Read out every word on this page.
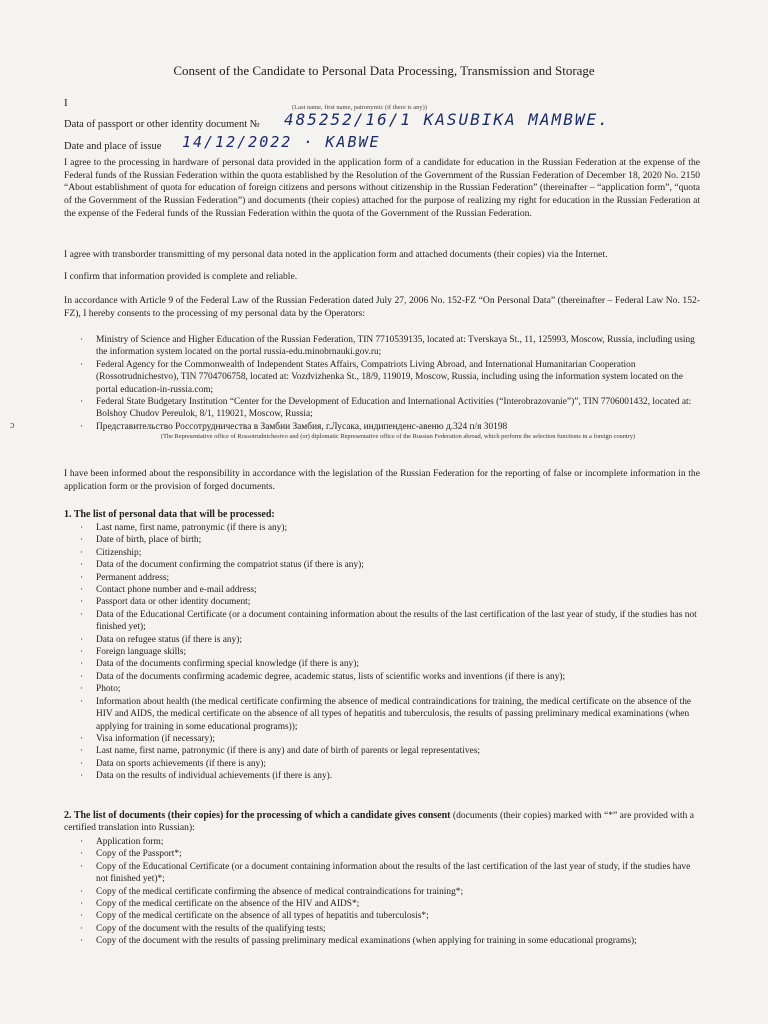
Consent of the Candidate to Personal Data Processing, Transmission and Storage
I	(Last name, first name, patronymic (if there is any))
Data of passport or other identity document № 485252/16/1 KASUBIKA MAMBWE.
Date and place of issue 14/12/2022 · KABWE
I agree to the processing in hardware of personal data provided in the application form of a candidate for education in the Russian Federation at the expense of the Federal funds of the Russian Federation within the quota established by the Resolution of the Government of the Russian Federation of December 18, 2020 No. 2150 “About establishment of quota for education of foreign citizens and persons without citizenship in the Russian Federation” (thereinafter – “application form”, “quota of the Government of the Russian Federation”) and documents (their copies) attached for the purpose of realizing my right for education in the Russian Federation at the expense of the Federal funds of the Russian Federation within the quota of the Government of the Russian Federation.
I agree with transborder transmitting of my personal data noted in the application form and attached documents (their copies) via the Internet.
I confirm that information provided is complete and reliable.
In accordance with Article 9 of the Federal Law of the Russian Federation dated July 27, 2006 No. 152-FZ “On Personal Data” (thereinafter – Federal Law No. 152-FZ), I hereby consents to the processing of my personal data by the Operators:
· Ministry of Science and Higher Education of the Russian Federation, TIN 7710539135, located at: Tverskaya St., 11, 125993, Moscow, Russia, including using the information system located on the portal russia-edu.minobrnauki.gov.ru;
· Federal Agency for the Commonwealth of Independent States Affairs, Compatriots Living Abroad, and International Humanitarian Cooperation (Rossotrudnichestvo), TIN 7704706758, located at: Vozdvizhenka St., 18/9, 119019, Moscow, Russia, including using the information system located on the portal education-in-russia.com;
· Federal State Budgetary Institution “Center for the Development of Education and International Activities (“Interobrazovanie”)”, TIN 7706001432, located at: Bolshoy Chudov Pereulok, 8/1, 119021, Moscow, Russia;
· Представительство Россотрудничества в Замбии Замбия, г.Лусака, индипенденс-авеню д.324 п/я 30198
(The Representative office of Rossotrudnichestvo and (or) diplomatic Representative office of the Russian Federation abroad, which perform the selection functions in a foreign country)
ɔ
I have been informed about the responsibility in accordance with the legislation of the Russian Federation for the reporting of false or incomplete information in the application form or the provision of forged documents.
1. The list of personal data that will be processed:
· Last name, first name, patronymic (if there is any);
· Date of birth, place of birth;
· Citizenship;
· Data of the document confirming the compatriot status (if there is any);
· Permanent address;
· Contact phone number and e-mail address;
· Passport data or other identity document;
· Data of the Educational Certificate (or a document containing information about the results of the last certification of the last year of study, if the studies has not finished yet);
· Data on refugee status (if there is any);
· Foreign language skills;
· Data of the documents confirming special knowledge (if there is any);
· Data of the documents confirming academic degree, academic status, lists of scientific works and inventions (if there is any);
· Photo;
· Information about health (the medical certificate confirming the absence of medical contraindications for training, the medical certificate on the absence of the HIV and AIDS, the medical certificate on the absence of all types of hepatitis and tuberculosis, the results of passing preliminary medical examinations (when applying for training in some educational programs));
· Visa information (if necessary);
· Last name, first name, patronymic (if there is any) and date of birth of parents or legal representatives;
· Data on sports achievements (if there is any);
· Data on the results of individual achievements (if there is any).
2. The list of documents (their copies) for the processing of which a candidate gives consent (documents (their copies) marked with “*” are provided with a certified translation into Russian):
· Application form;
· Copy of the Passport*;
· Copy of the Educational Certificate (or a document containing information about the results of the last certification of the last year of study, if the studies have not finished yet)*;
· Copy of the medical certificate confirming the absence of medical contraindications for training*;
· Copy of the medical certificate on the absence of the HIV and AIDS*;
· Copy of the medical certificate on the absence of all types of hepatitis and tuberculosis*;
· Copy of the document with the results of the qualifying tests;
· Copy of the document with the results of passing preliminary medical examinations (when applying for training in some educational programs);
